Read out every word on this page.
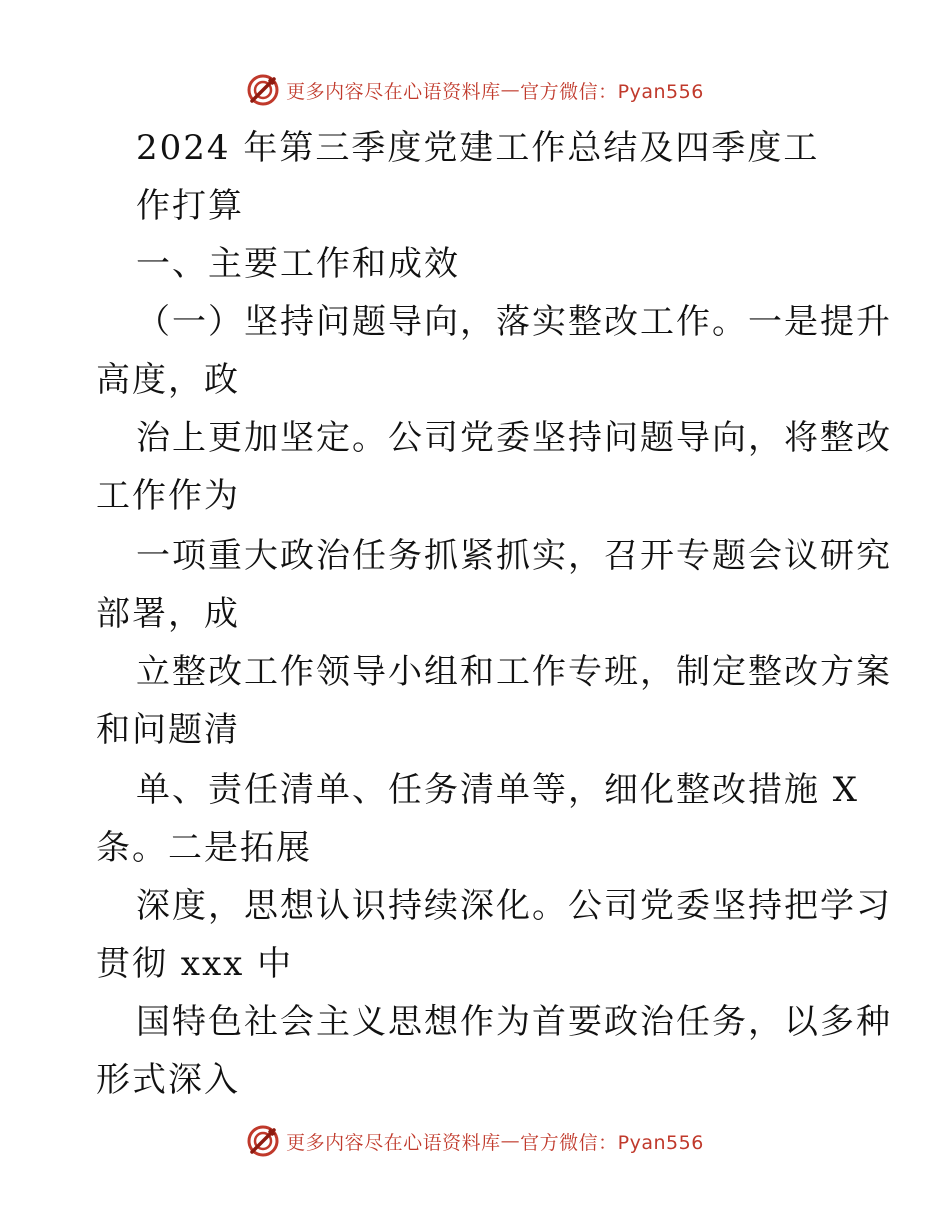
更多内容尽在心语资料库 — 官方微信：Pyan556
2024 年第三季度党建工作总结及四季度工
作打算
一、主要工作和成效
（一）坚持问题导向，落实整改工作。一是提升
高度，政
治上更加坚定。公司党委坚持问题导向，将整改
工作作为
一项重大政治任务抓紧抓实，召开专题会议研究
部署，成
立整改工作领导小组和工作专班，制定整改方案
和问题清
单、责任清单、任务清单等，细化整改措施 X
条。二是拓展
深度，思想认识持续深化。公司党委坚持把学习
贯彻 xxx 中
国特色社会主义思想作为首要政治任务，以多种
形式深入
更多内容尽在心语资料库 — 官方微信：Pyan556
